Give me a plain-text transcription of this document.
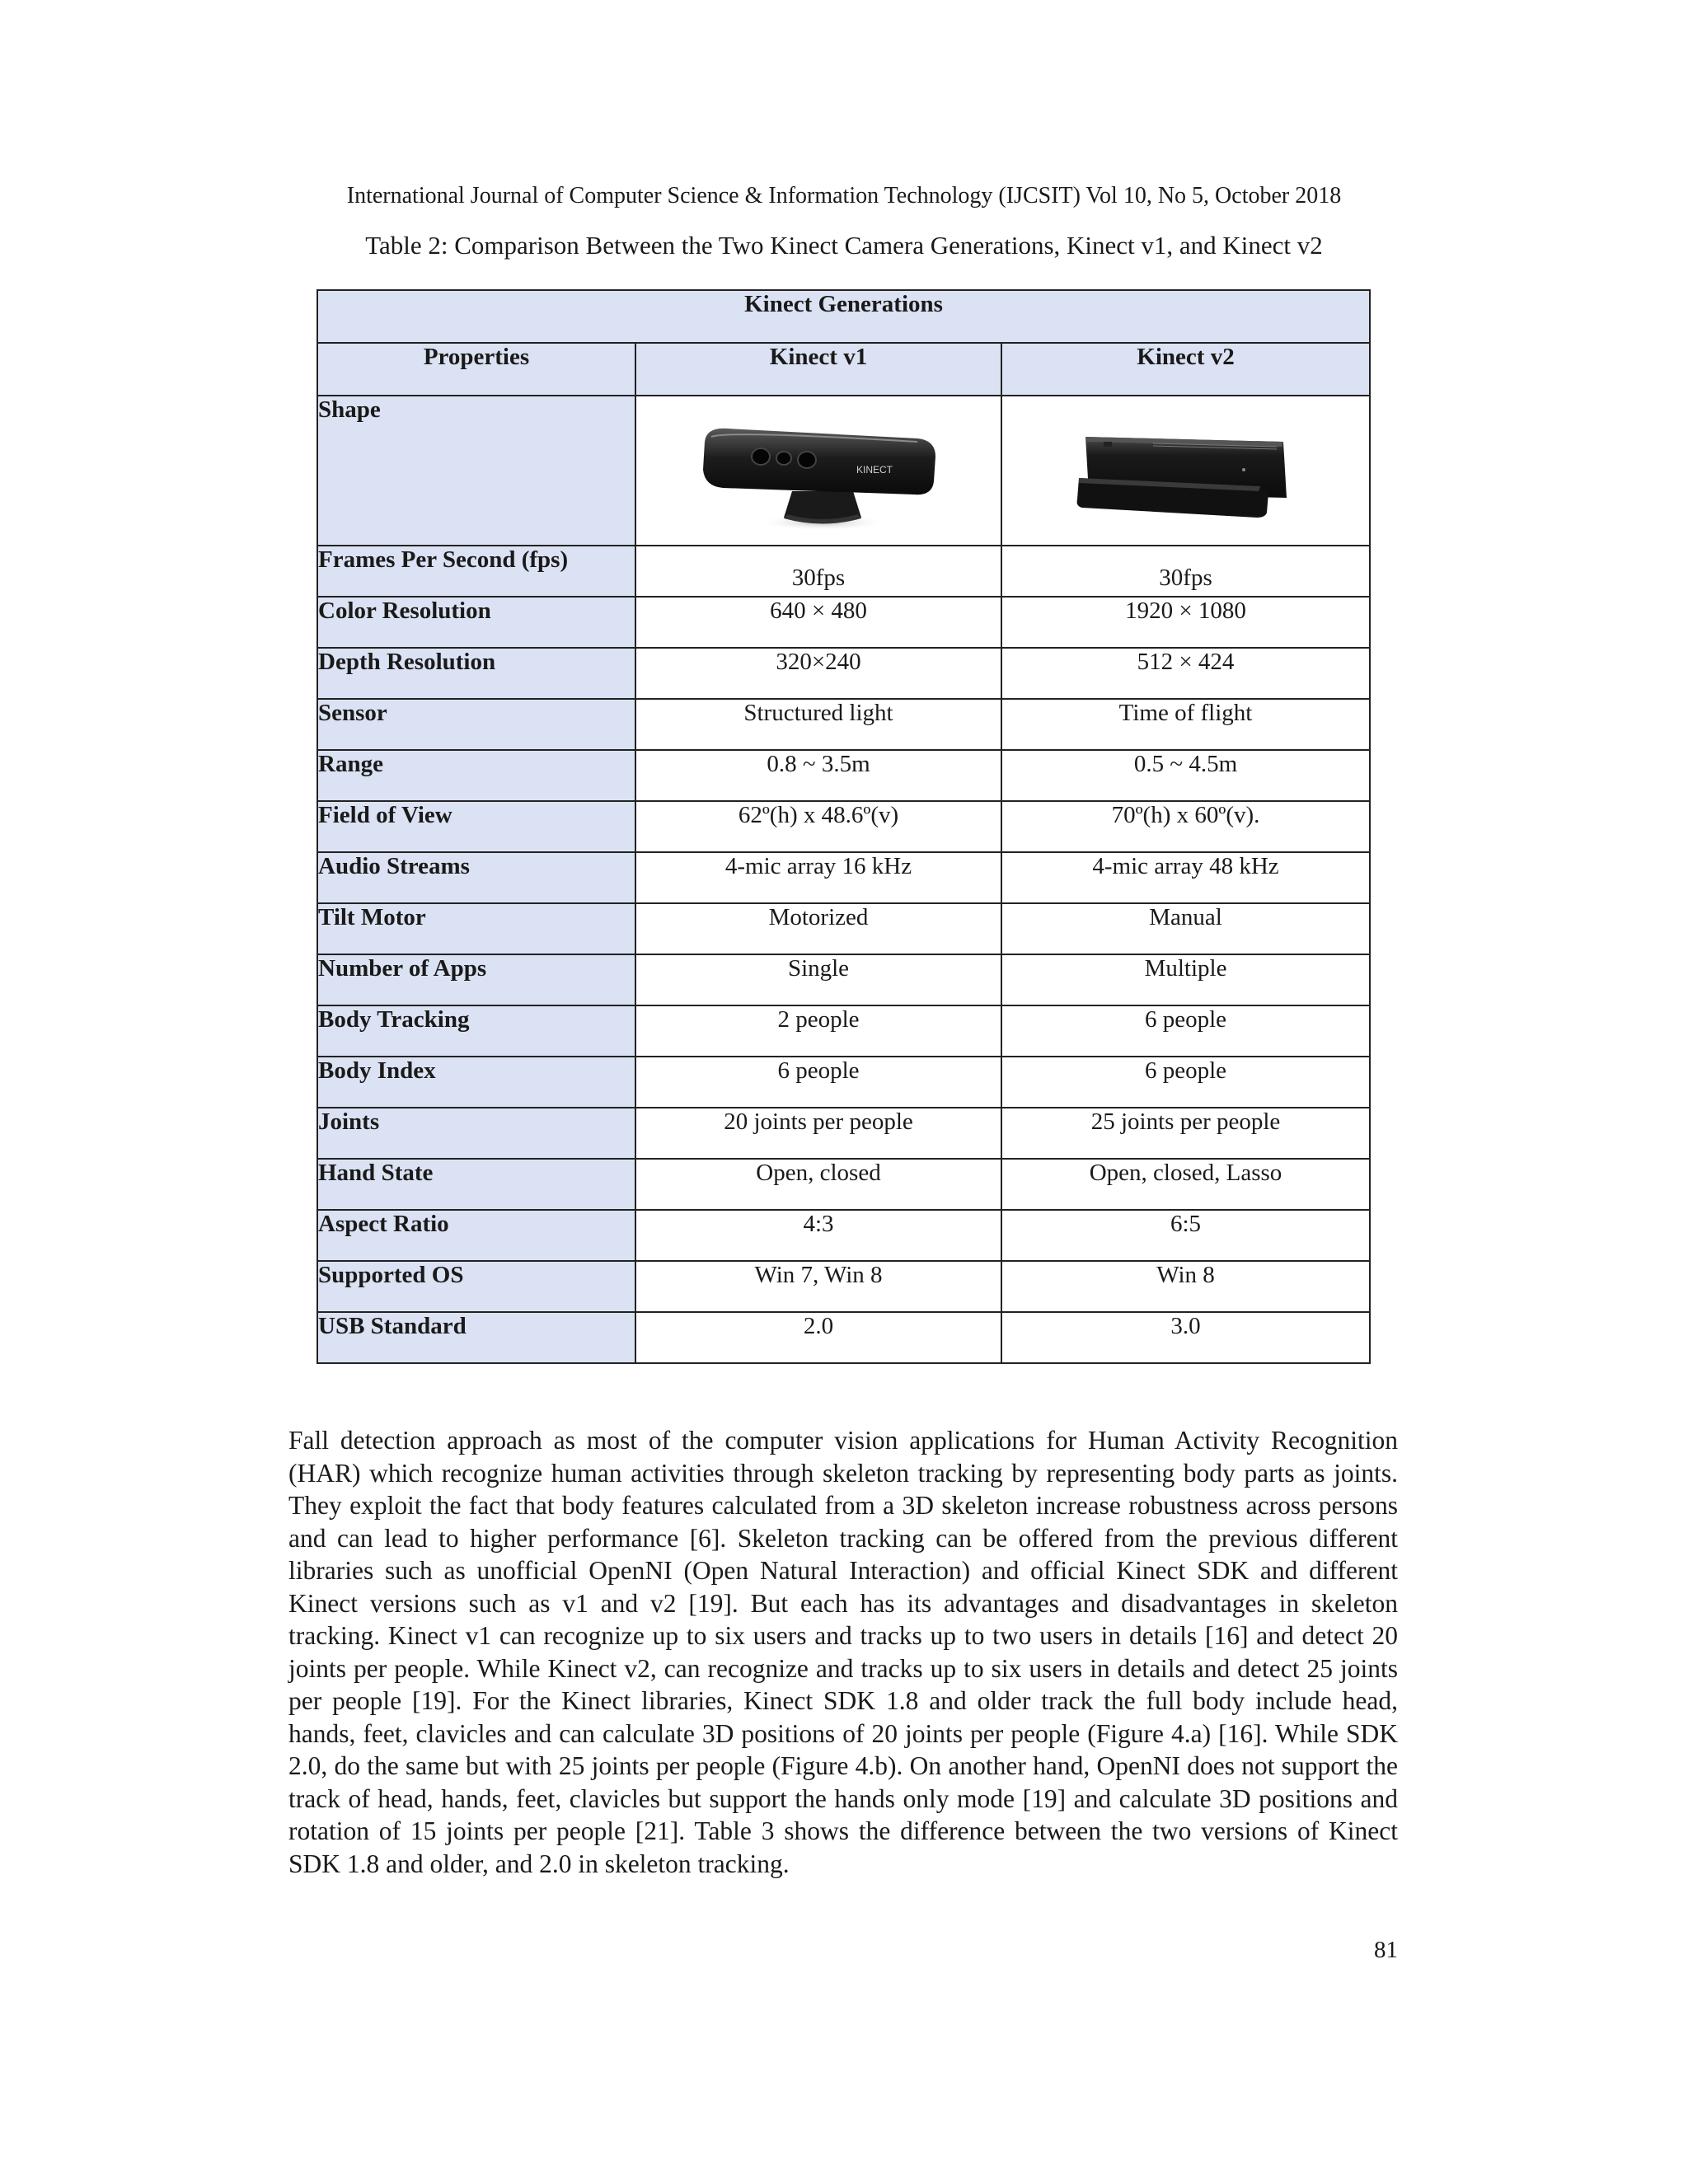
International Journal of Computer Science & Information Technology (IJCSIT) Vol 10, No 5, October 2018
Table 2: Comparison Between the Two Kinect Camera Generations, Kinect v1, and Kinect v2
Kinect Generations		
Properties	Kinect v1	Kinect v2
Shape	KINECT

Frames Per Second (fps)	30fps	30fps
Color Resolution	640 × 480	1920 × 1080
Depth Resolution	320×240	512 × 424
Sensor	Structured light	Time of flight
Range	0.8 ~ 3.5m	0.5 ~ 4.5m
Field of View	62º(h) x 48.6º(v)	70º(h) x 60º(v).
Audio Streams	4-mic array 16 kHz	4-mic array 48 kHz
Tilt Motor	Motorized	Manual
Number of Apps	Single	Multiple
Body Tracking	2 people	6 people
Body Index	6 people	6 people
Joints	20 joints per people	25 joints per people
Hand State	Open, closed	Open, closed, Lasso
Aspect Ratio	4:3	6:5
Supported OS	Win 7, Win 8	Win 8
USB Standard	2.0	3.0
Fall detection approach as most of the computer vision applications for Human Activity Recognition (HAR) which recognize human activities through skeleton tracking by representing body parts as joints. They exploit the fact that body features calculated from a 3D skeleton increase robustness across persons and can lead to higher performance [6]. Skeleton tracking can be offered from the previous different libraries such as unofficial OpenNI (Open Natural Interaction) and official Kinect SDK and different Kinect versions such as v1 and v2 [19]. But each has its advantages and disadvantages in skeleton tracking. Kinect v1 can recognize up to six users and tracks up to two users in details [16] and detect 20 joints per people. While Kinect v2, can recognize and tracks up to six users in details and detect 25 joints per people [19]. For the Kinect libraries, Kinect SDK 1.8 and older track the full body include head, hands, feet, clavicles and can calculate 3D positions of 20 joints per people (Figure 4.a) [16]. While SDK 2.0, do the same but with 25 joints per people (Figure 4.b). On another hand, OpenNI does not support the track of head, hands, feet, clavicles but support the hands only mode [19] and calculate 3D positions and rotation of 15 joints per people [21]. Table 3 shows the difference between the two versions of Kinect SDK 1.8 and older, and 2.0 in skeleton tracking.
81
